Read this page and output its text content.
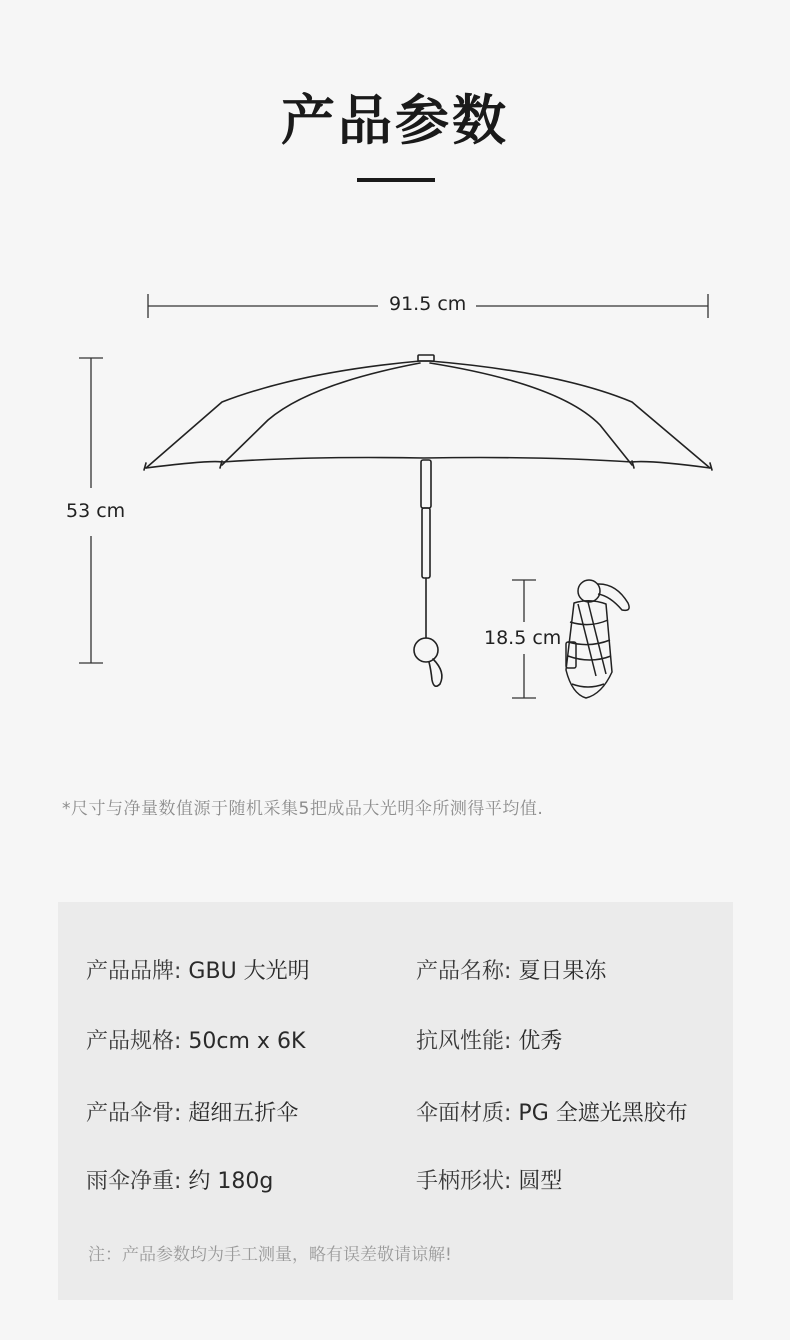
产品参数
91.5 cm
53 cm
18.5 cm
*尺寸与净量数值源于随机采集5把成品大光明伞所测得平均值.
产品品牌: GBU 大光明	产品名称: 夏日果冻
产品规格: 50cm x 6K	抗风性能: 优秀
产品伞骨: 超细五折伞	伞面材质: PG 全遮光黑胶布
雨伞净重: 约 180g	手柄形状: 圆型
注：产品参数均为手工测量，略有误差敬请谅解!
